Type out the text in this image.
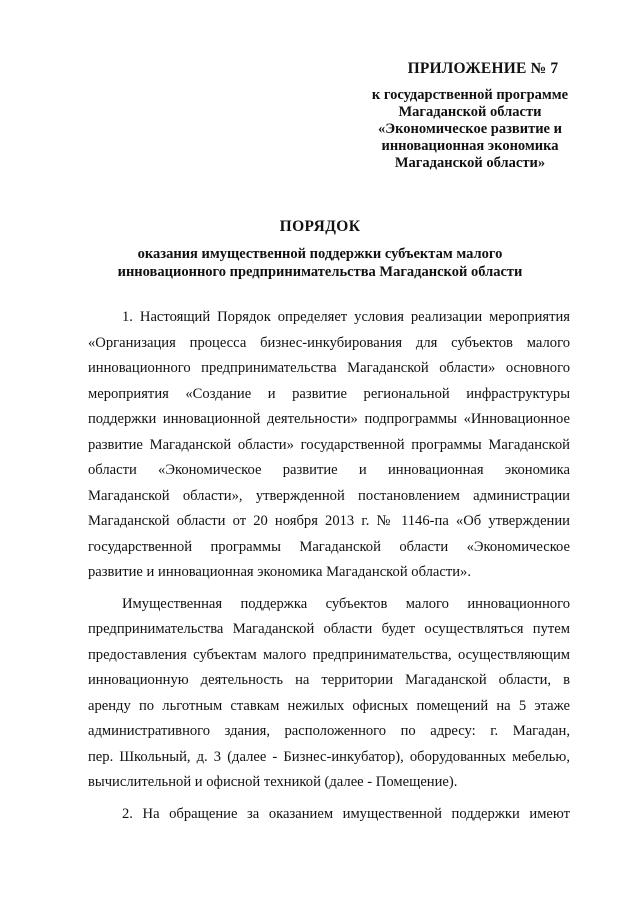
ПРИЛОЖЕНИЕ № 7
к государственной программе
Магаданской области
«Экономическое развитие и
инновационная экономика
Магаданской области»
ПОРЯДОК
оказания имущественной поддержки субъектам малого
инновационного предпринимательства Магаданской области
1. Настоящий Порядок определяет условия реализации мероприятия
«Организация процесса бизнес-инкубирования для субъектов малого
инновационного предпринимательства Магаданской области» основного
мероприятия «Создание и развитие региональной инфраструктуры
поддержки инновационной деятельности» подпрограммы «Инновационное
развитие Магаданской области» государственной программы Магаданской
области «Экономическое развитие и инновационная экономика
Магаданской области», утвержденной постановлением администрации
Магаданской области от 20 ноября 2013 г. № 1146-па «Об утверждении
государственной программы Магаданской области «Экономическое
развитие и инновационная экономика Магаданской области».
Имущественная поддержка субъектов малого инновационного
предпринимательства Магаданской области будет осуществляться путем
предоставления субъектам малого предпринимательства, осуществляющим
инновационную деятельность на территории Магаданской области, в
аренду по льготным ставкам нежилых офисных помещений на 5 этаже
административного здания, расположенного по адресу: г. Магадан,
пер. Школьный, д. 3 (далее - Бизнес-инкубатор), оборудованных мебелью,
вычислительной и офисной техникой (далее - Помещение).
2. На обращение за оказанием имущественной поддержки имеют
